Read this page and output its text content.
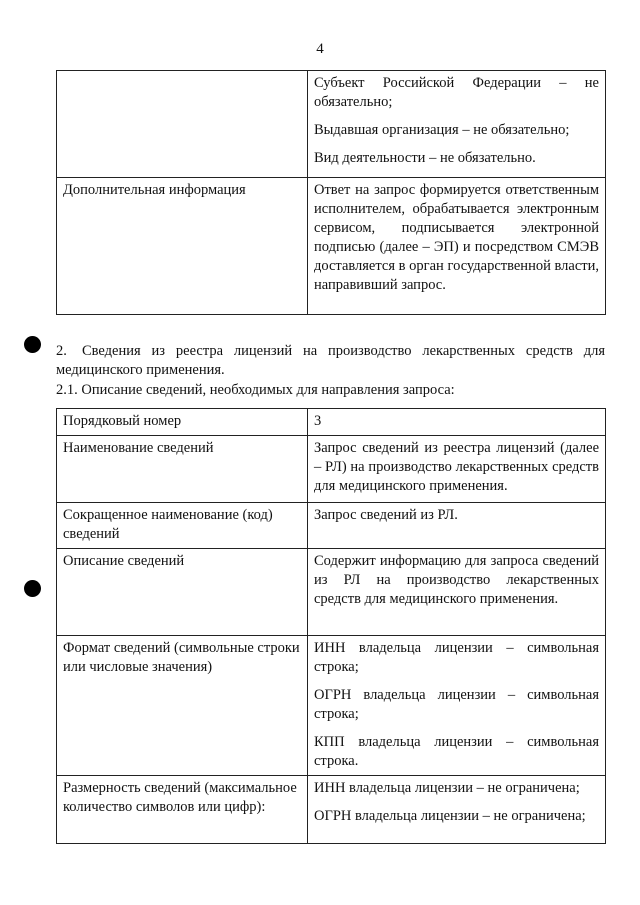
4

	Субъект Российской Федерации – не обязательно;

Выдавшая организация – не обязательно;

Вид деятельности – не обязательно.

Дополнительная информация	Ответ на запрос формируется ответственным исполнителем, обрабатывается электронным сервисом, подписывается электронной подписью (далее – ЭП) и посредством СМЭВ доставляется в орган государственной власти, направивший запрос.

2. Сведения из реестра лицензий на производство лекарственных средств для медицинского применения.
2.1. Описание сведений, необходимых для направления запроса:
Порядковый номер	3

Наименование сведений	Запрос сведений из реестра лицензий (далее – РЛ) на производство лекарственных средств для медицинского применения.

Сокращенное наименование (код) сведений	Запрос сведений из РЛ.

Описание сведений	Содержит информацию для запроса сведений из РЛ на производство лекарственных средств для медицинского применения.

Формат сведений (символьные строки или числовые значения)	ИНН владельца лицензии – символьная строка;

ОГРН владельца лицензии – символьная строка;

КПП владельца лицензии – символьная строка.

Размерность сведений (максимальное количество символов или цифр):	ИНН владельца лицензии – не ограничена;

ОГРН владельца лицензии – не ограничена;
